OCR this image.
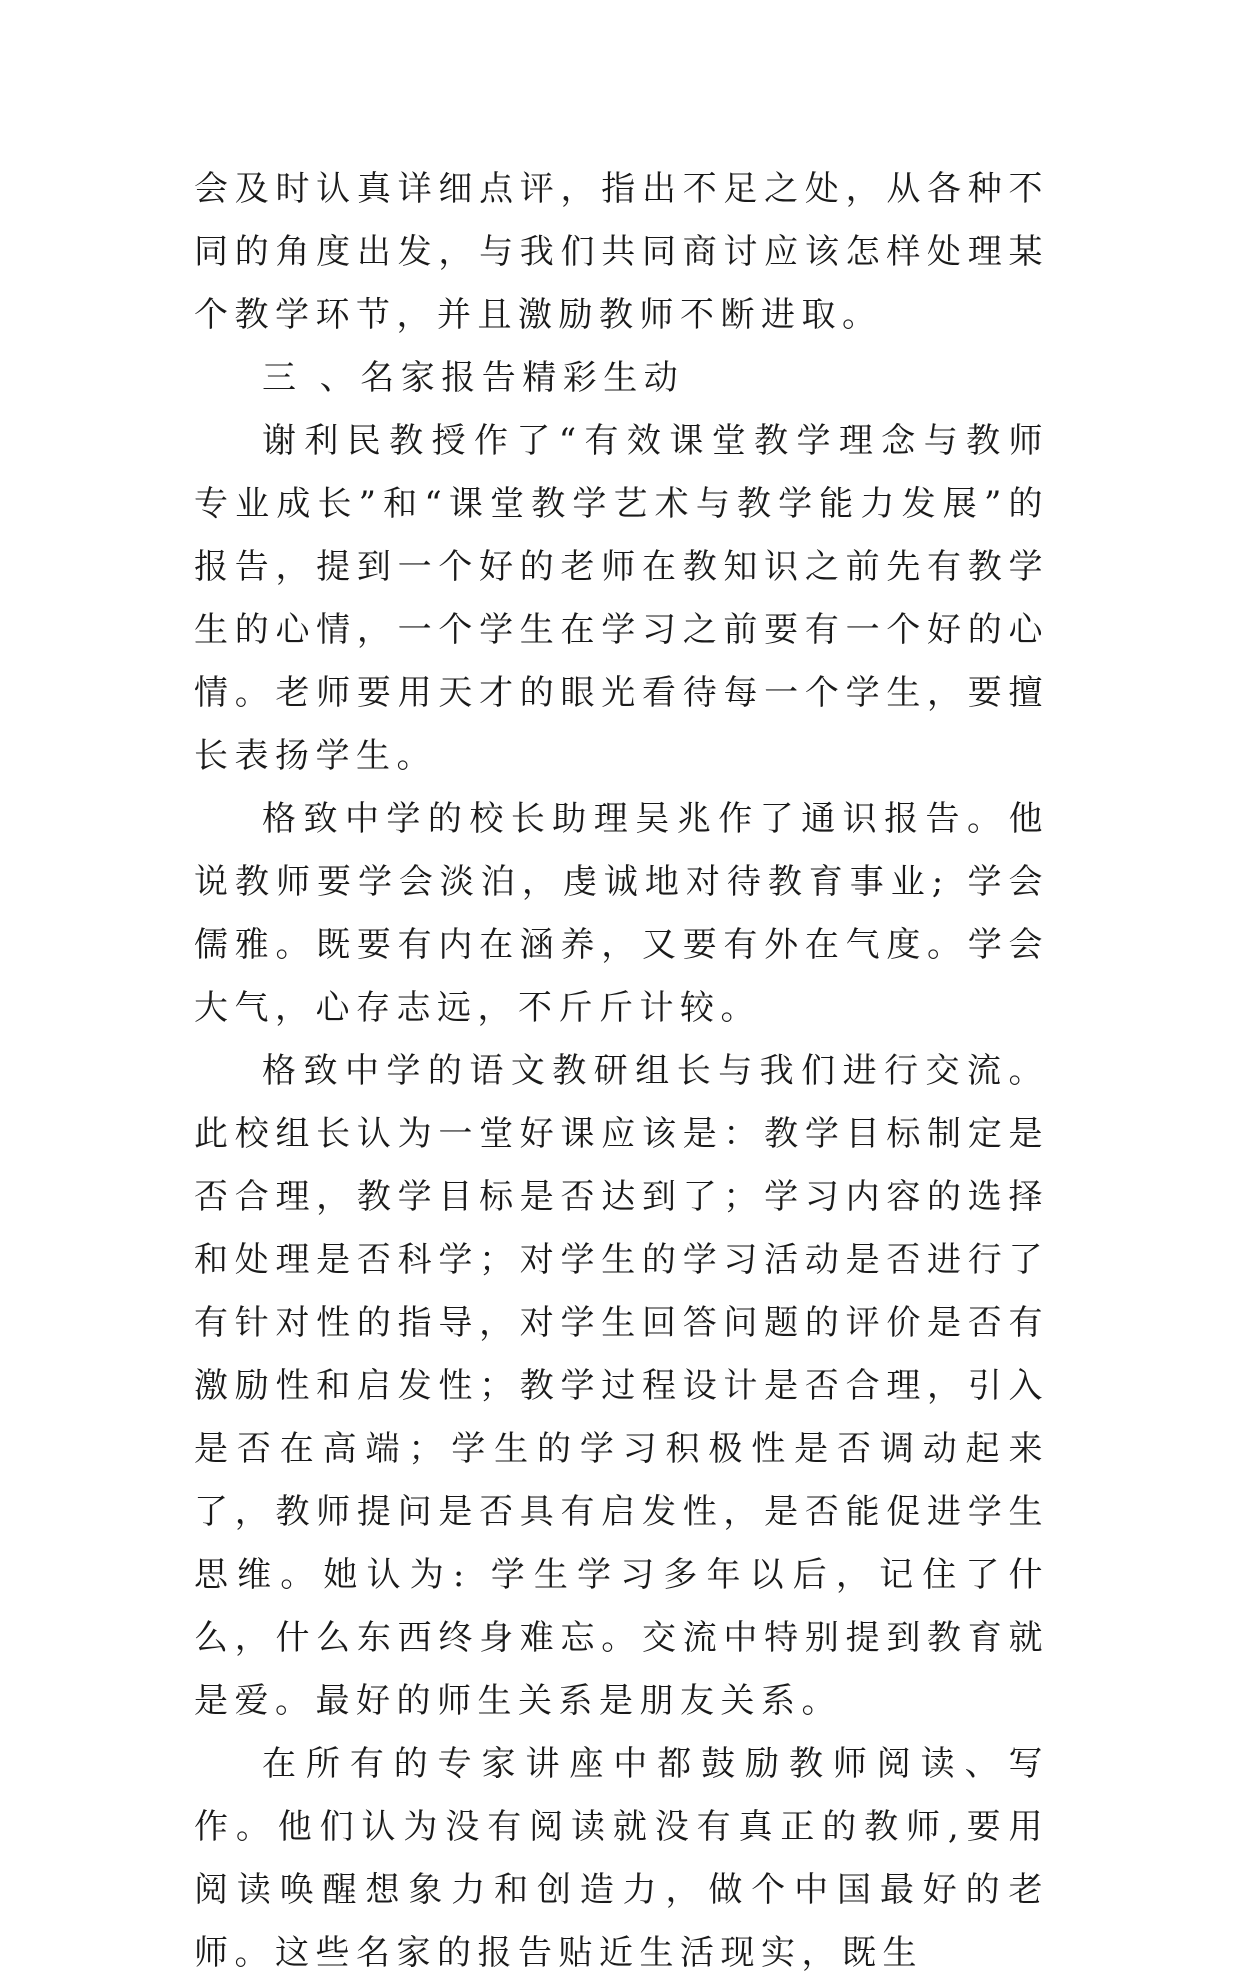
会及时认真详细点评，指出不足之处，从各种不同的角度出发，与我们共同商讨应该怎样处理某个教学环节，并且激励教师不断进取。

三 、名家报告精彩生动

谢利民教授作了“有效课堂教学理念与教师专业成长”和“课堂教学艺术与教学能力发展”的报告，提到一个好的老师在教知识之前先有教学生的心情，一个学生在学习之前要有一个好的心情。老师要用天才的眼光看待每一个学生，要擅长表扬学生。

格致中学的校长助理吴兆作了通识报告。他说教师要学会淡泊，虔诚地对待教育事业; 学会儒雅。既要有内在涵养，又要有外在气度。学会大气，心存志远，不斤斤计较。

格致中学的语文教研组长与我们进行交流。此校组长认为一堂好课应该是：教学目标制定是否合理，教学目标是否达到了；学习内容的选择和处理是否科学；对学生的学习活动是否进行了有针对性的指导，对学生回答问题的评价是否有激励性和启发性；教学过程设计是否合理，引入是否在高端；学生的学习积极性是否调动起来了，教师提问是否具有启发性，是否能促进学生思维。她认为: 学生学习多年以后，记住了什么，什么东西终身难忘。交流中特别提到教育就是爱。最好的师生关系是朋友关系。

在所有的专家讲座中都鼓励教师阅读、写作。他们认为没有阅读就没有真正的教师,要用阅读唤醒想象力和创造力，做个中国最好的老师。这些名家的报告贴近生活现实，既生
